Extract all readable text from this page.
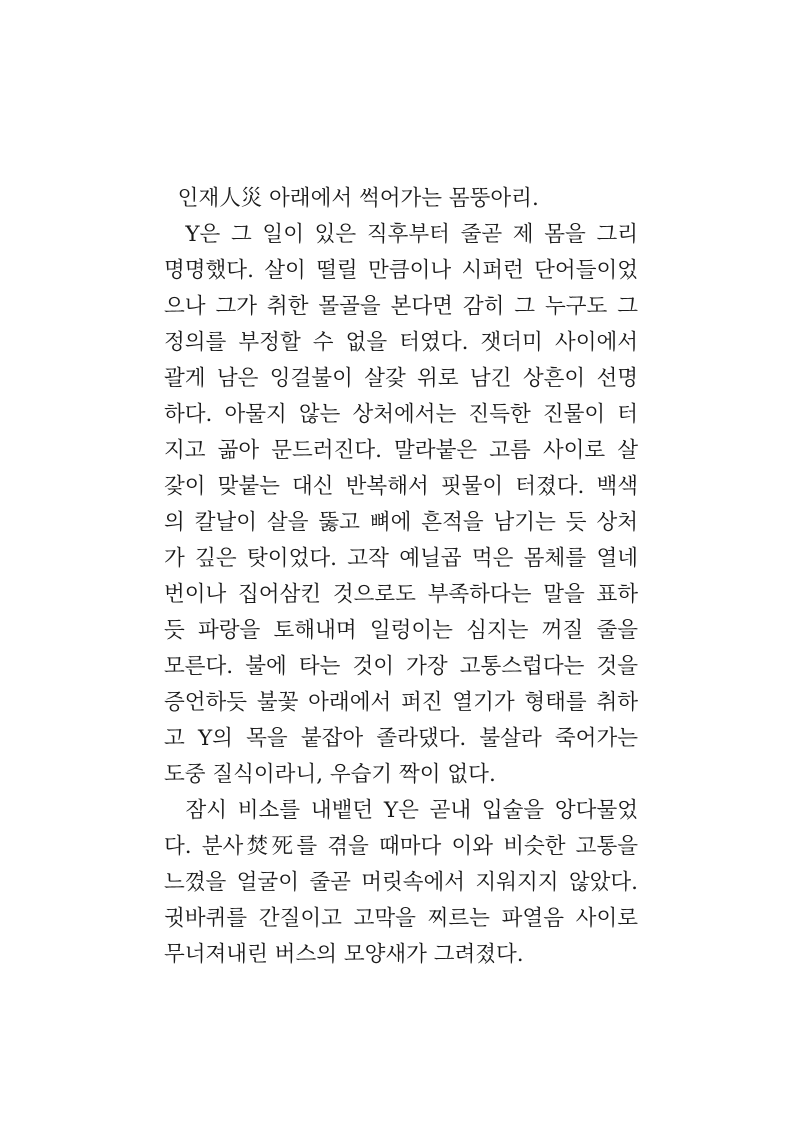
인재人災 아래에서 썩어가는 몸뚱아리.
Y은 그 일이 있은 직후부터 줄곧 제 몸을 그리
명명했다. 살이 떨릴 만큼이나 시퍼런 단어들이었
으나 그가 취한 몰골을 본다면 감히 그 누구도 그
정의를 부정할 수 없을 터였다. 잿더미 사이에서
괄게 남은 잉걸불이 살갗 위로 남긴 상흔이 선명
하다. 아물지 않는 상처에서는 진득한 진물이 터
지고 곪아 문드러진다. 말라붙은 고름 사이로 살
갗이 맞붙는 대신 반복해서 핏물이 터졌다. 백색
의 칼날이 살을 뚫고 뼈에 흔적을 남기는 듯 상처
가 깊은 탓이었다. 고작 예닐곱 먹은 몸체를 열네
번이나 집어삼킨 것으로도 부족하다는 말을 표하
듯 파랑을 토해내며 일렁이는 심지는 꺼질 줄을
모른다. 불에 타는 것이 가장 고통스럽다는 것을
증언하듯 불꽃 아래에서 퍼진 열기가 형태를 취하
고 Y의 목을 붙잡아 졸라댔다. 불살라 죽어가는
도중 질식이라니, 우습기 짝이 없다.
잠시 비소를 내뱉던 Y은 곧내 입술을 앙다물었
다. 분사焚死를 겪을 때마다 이와 비슷한 고통을
느꼈을 얼굴이 줄곧 머릿속에서 지워지지 않았다.
귓바퀴를 간질이고 고막을 찌르는 파열음 사이로
무너져내린 버스의 모양새가 그려졌다.
